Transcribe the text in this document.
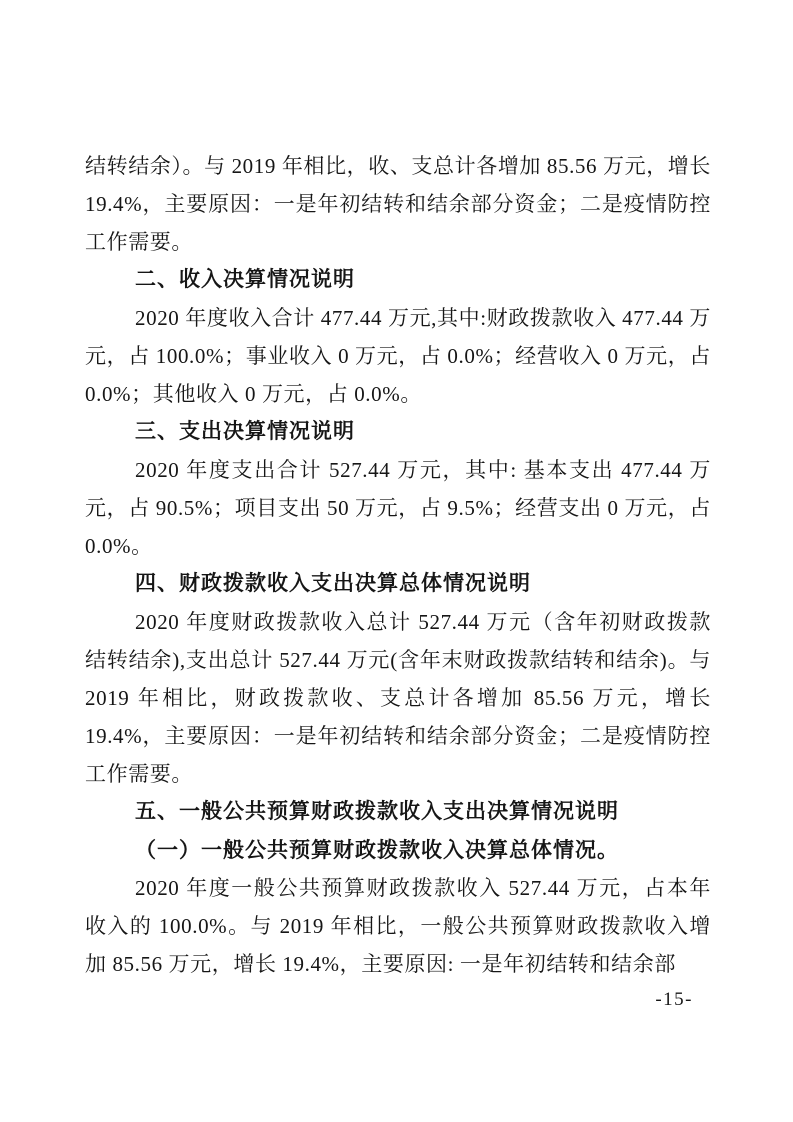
结转结余）。与 2019 年相比，收、支总计各增加 85.56 万元，增长 19.4%，主要原因：一是年初结转和结余部分资金；二是疫情防控工作需要。

二、收入决算情况说明

2020 年度收入合计 477.44 万元,其中:财政拨款收入 477.44 万元，占 100.0%；事业收入 0 万元，占 0.0%；经营收入 0 万元，占 0.0%；其他收入 0 万元，占 0.0%。

三、支出决算情况说明

2020 年度支出合计 527.44 万元，其中: 基本支出 477.44 万元，占 90.5%；项目支出 50 万元，占 9.5%；经营支出 0 万元，占 0.0%。

四、财政拨款收入支出决算总体情况说明

2020 年度财政拨款收入总计 527.44 万元（含年初财政拨款结转结余),支出总计 527.44 万元(含年末财政拨款结转和结余)。与 2019 年相比，财政拨款收、支总计各增加 85.56 万元，增长 19.4%，主要原因：一是年初结转和结余部分资金；二是疫情防控工作需要。

五、一般公共预算财政拨款收入支出决算情况说明

（一）一般公共预算财政拨款收入决算总体情况。

2020 年度一般公共预算财政拨款收入 527.44 万元，占本年收入的 100.0%。与 2019 年相比，一般公共预算财政拨款收入增加 85.56 万元，增长 19.4%，主要原因: 一是年初结转和结余部

-15-
